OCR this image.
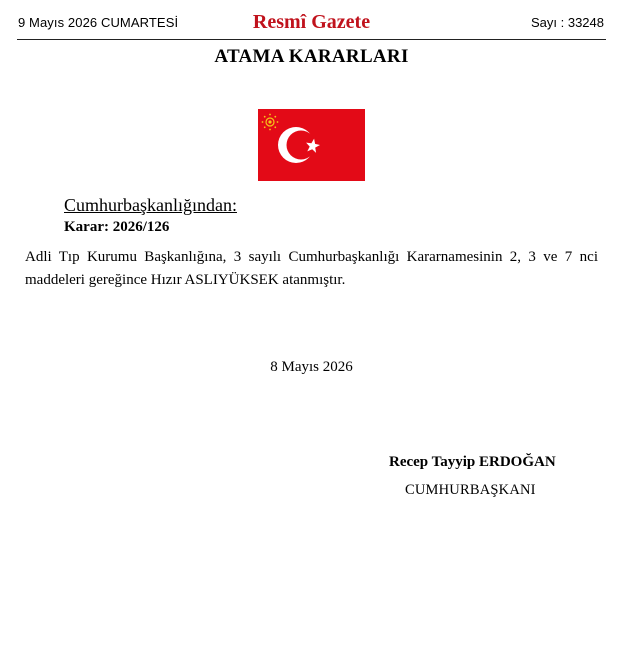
9 Mayıs 2026 CUMARTESİ	Resmî Gazete	Sayı : 33248
ATAMA KARARLARI
Cumhurbaşkanlığından:
Karar: 2026/126
Adli Tıp Kurumu Başkanlığına, 3 sayılı Cumhurbaşkanlığı Kararnamesinin 2, 3 ve 7 nci maddeleri gereğince Hızır ASLIYÜKSEK atanmıştır.
8 Mayıs 2026
Recep Tayyip ERDOĞAN
CUMHURBAŞKANI
